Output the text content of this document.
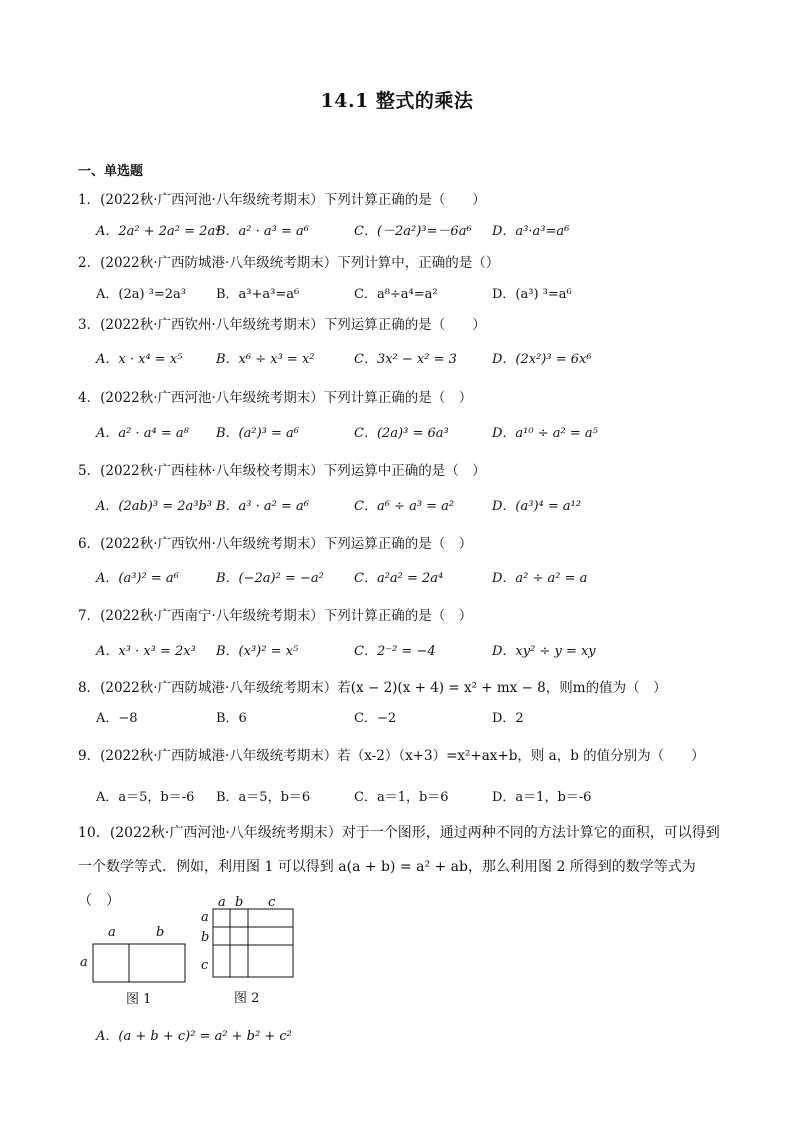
14.1 整式的乘法
一、单选题
1．(2022秋·广西河池·八年级统考期末）下列计算正确的是（　　）
A．2a² + 2a² = 2a⁴
B．a² · a³ = a⁶	C．(－2a²)³=－6a⁶ D．a³·a³=a⁶
2．(2022秋·广西防城港·八年级统考期末）下列计算中，正确的是（）
A．(2a) ³=2a³ B．a³+a³=a⁶	C．a⁸÷a⁴=a²	D．(a³) ³=a⁶
3．(2022秋·广西钦州·八年级统考期末）下列运算正确的是（　　）
A．x · x⁴ = x⁵	B．x⁶ ÷ x³ = x²	C．3x² − x² = 3	D．(2x²)³ = 6x⁶
4．(2022秋·广西河池·八年级统考期末）下列计算正确的是（　）
A．a² · a⁴ = a⁸ B．(a²)³ = a⁶	C．(2a)³ = 6a³	D．a¹⁰ ÷ a² = a⁵
5．(2022秋·广西桂林·八年级校考期末）下列运算中正确的是（　）
A．(2ab)³ = 2a³b³ B．a³ · a² = a⁶	C．a⁶ ÷ a³ = a²	D．(a³)⁴ = a¹²
6．(2022秋·广西钦州·八年级统考期末）下列运算正确的是（　）
A．(a³)² = a⁶	B．(−2a)² = −a² C．a²a² = 2a⁴	D．a² ÷ a² = a
7．(2022秋·广西南宁·八年级统考期末）下列计算正确的是（　）
A．x³ · x³ = 2x³ B．(x³)² = x⁵	C．2⁻² = −4	D．xy² ÷ y = xy
8．(2022秋·广西防城港·八年级统考期末）若(x − 2)(x + 4) = x² + mx − 8，则m的值为（　）
A．−8	B．6	C．−2	D．2
9．(2022秋·广西防城港·八年级统考期末）若（x-2）（x+3）=x²+ax+b，则 a，b 的值分别为（　　）
A．a＝5，b＝-6 B．a＝5，b＝6	C．a＝1，b＝6	D．a＝1，b＝-6
10．(2022秋·广西河池·八年级统考期末）对于一个图形，通过两种不同的方法计算它的面积，可以得到
一个数学等式．例如，利用图 1 可以得到 a(a + b) = a² + ab，那么利用图 2 所得到的数学等式为（　）
a	b
a
图 1
a b c
a
b
c
图 2
A．(a + b + c)² = a² + b² + c²
